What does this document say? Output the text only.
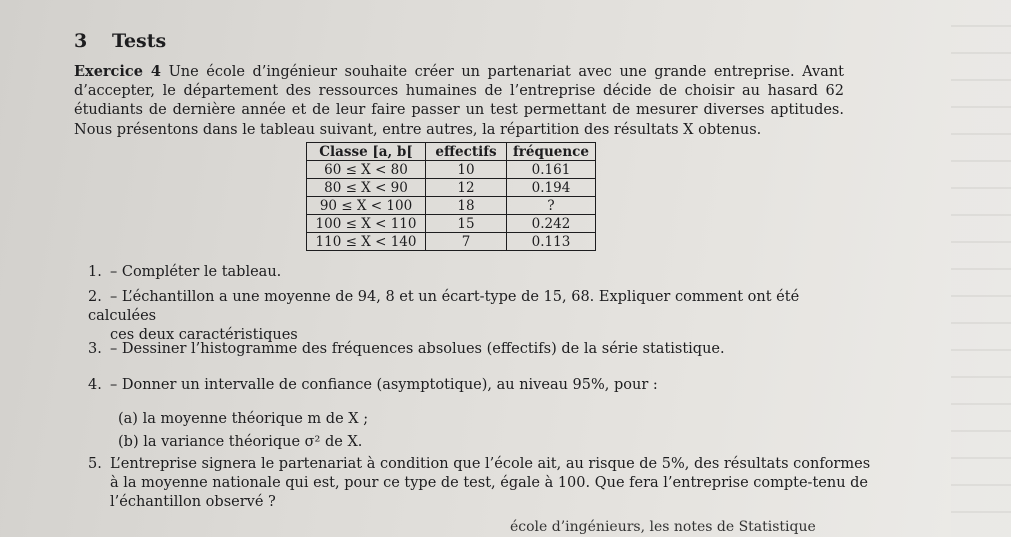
3 Tests
Exercice 4 Une école d’ingénieur souhaite créer un partenariat avec une grande entreprise. Avant d’accepter, le département des ressources humaines de l’entreprise décide de choisir au hasard 62 étudiants de dernière année et de leur faire passer un test permettant de mesurer diverses aptitudes. Nous présentons dans le tableau suivant, entre autres, la répartition des résultats X obtenus.
Classe [a, b[	effectifs	fréquence
60 ≤ X < 80	10	0.161
80 ≤ X < 90	12	0.194
90 ≤ X < 100	18	?
100 ≤ X < 110	15	0.242
110 ≤ X < 140	7	0.113
1. – Compléter le tableau.
2. – L’échantillon a une moyenne de 94, 8 et un écart-type de 15, 68. Expliquer comment ont été calculées
ces deux caractéristiques
3. – Dessiner l’histogramme des fréquences absolues (effectifs) de la série statistique.
4. – Donner un intervalle de confiance (asymptotique), au niveau 95%, pour :
(a) la moyenne théorique m de X ;
(b) la variance théorique σ² de X.
5. L’entreprise signera le partenariat à condition que l’école ait, au risque de 5%, des résultats conformes
à la moyenne nationale qui est, pour ce type de test, égale à 100. Que fera l’entreprise compte-tenu de
l’échantillon observé ?
école d’ingénieurs, les notes de Statistique
